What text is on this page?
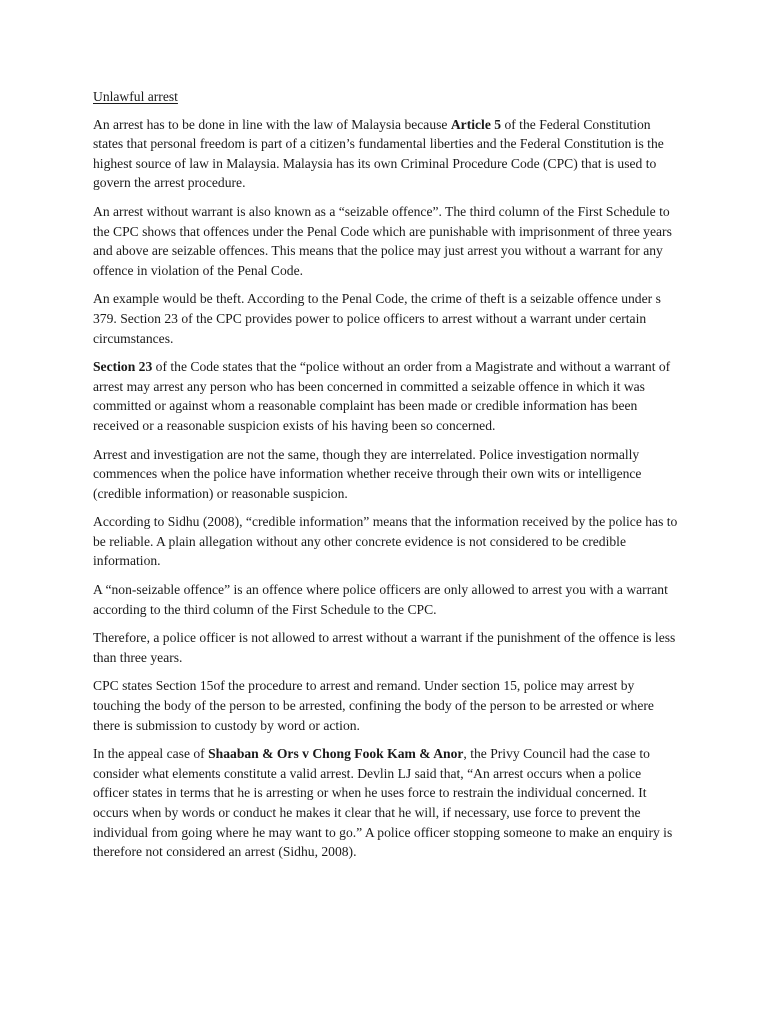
Unlawful arrest

An arrest has to be done in line with the law of Malaysia because Article 5 of the Federal Constitution states that personal freedom is part of a citizen’s fundamental liberties and the Federal Constitution is the highest source of law in Malaysia. Malaysia has its own Criminal Procedure Code (CPC) that is used to govern the arrest procedure.

An arrest without warrant is also known as a “seizable offence”. The third column of the First Schedule to the CPC shows that offences under the Penal Code which are punishable with imprisonment of three years and above are seizable offences. This means that the police may just arrest you without a warrant for any offence in violation of the Penal Code.

An example would be theft. According to the Penal Code, the crime of theft is a seizable offence under s 379. Section 23 of the CPC provides power to police officers to arrest without a warrant under certain circumstances.

Section 23 of the Code states that the “police without an order from a Magistrate and without a warrant of arrest may arrest any person who has been concerned in committed a seizable offence in which it was committed or against whom a reasonable complaint has been made or credible information has been received or a reasonable suspicion exists of his having been so concerned.

Arrest and investigation are not the same, though they are interrelated. Police investigation normally commences when the police have information whether receive through their own wits or intelligence (credible information) or reasonable suspicion.

According to Sidhu (2008), “credible information” means that the information received by the police has to be reliable. A plain allegation without any other concrete evidence is not considered to be credible information.

A “non-seizable offence” is an offence where police officers are only allowed to arrest you with a warrant according to the third column of the First Schedule to the CPC.

Therefore, a police officer is not allowed to arrest without a warrant if the punishment of the offence is less than three years.

CPC states Section 15of the procedure to arrest and remand. Under section 15, police may arrest by touching the body of the person to be arrested, confining the body of the person to be arrested or where there is submission to custody by word or action.

In the appeal case of Shaaban & Ors v Chong Fook Kam & Anor, the Privy Council had the case to consider what elements constitute a valid arrest. Devlin LJ said that, “An arrest occurs when a police officer states in terms that he is arresting or when he uses force to restrain the individual concerned. It occurs when by words or conduct he makes it clear that he will, if necessary, use force to prevent the individual from going where he may want to go.” A police officer stopping someone to make an enquiry is therefore not considered an arrest (Sidhu, 2008).
